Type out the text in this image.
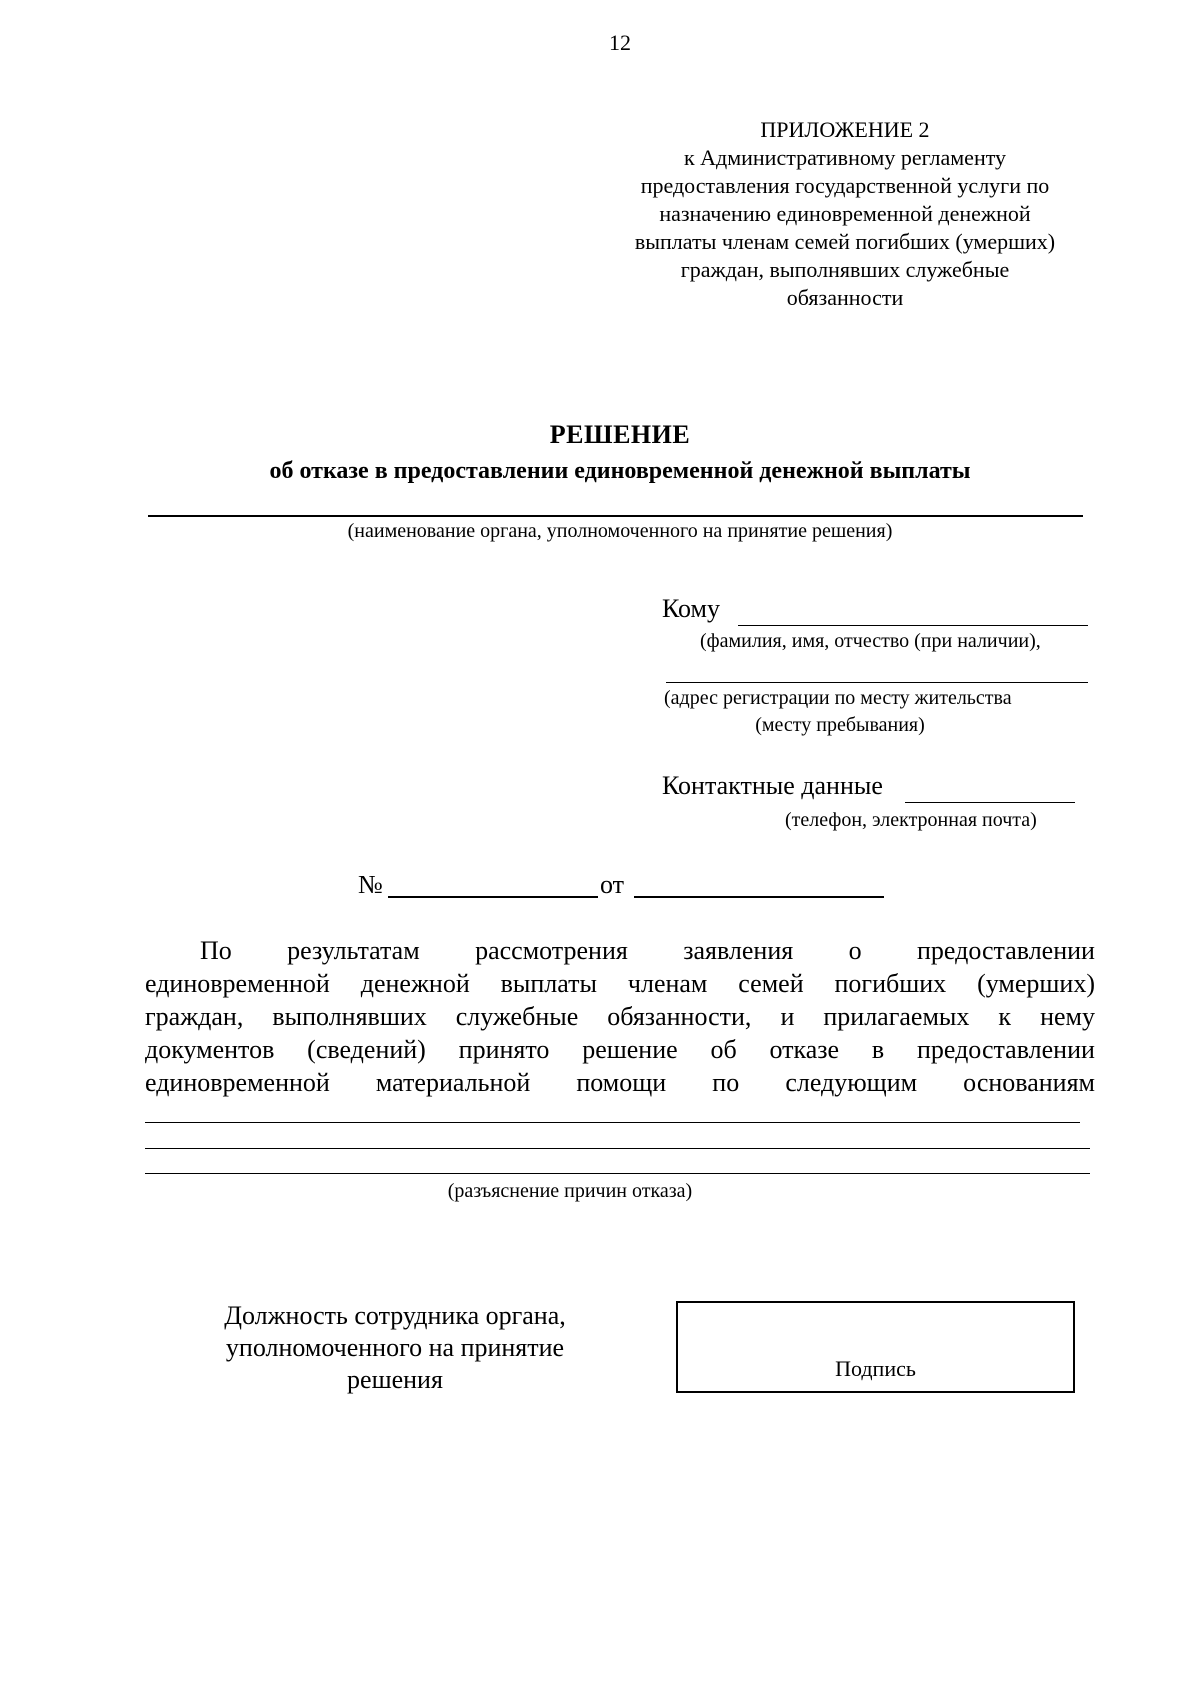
12
ПРИЛОЖЕНИЕ 2
к Административному регламенту
предоставления государственной услуги по
назначению единовременной денежной
выплаты членам семей погибших (умерших)
граждан, выполнявших служебные
обязанности
РЕШЕНИЕ
об отказе в предоставлении единовременной денежной выплаты
(наименование органа, уполномоченного на принятие решения)
Кому
(фамилия, имя, отчество (при наличии),
(адрес регистрации по месту жительства
(месту пребывания)
Контактные данные
(телефон, электронная почта)
№	от
По результатам рассмотрения заявления о предоставлении
единовременной денежной выплаты членам семей погибших (умерших)
граждан, выполнявших служебные обязанности, и прилагаемых к нему
документов (сведений) принято решение об отказе в предоставлении
единовременной материальной помощи по следующим основаниям
(разъяснение причин отказа)
Должность сотрудника органа,
уполномоченного на принятие
решения	Подпись
